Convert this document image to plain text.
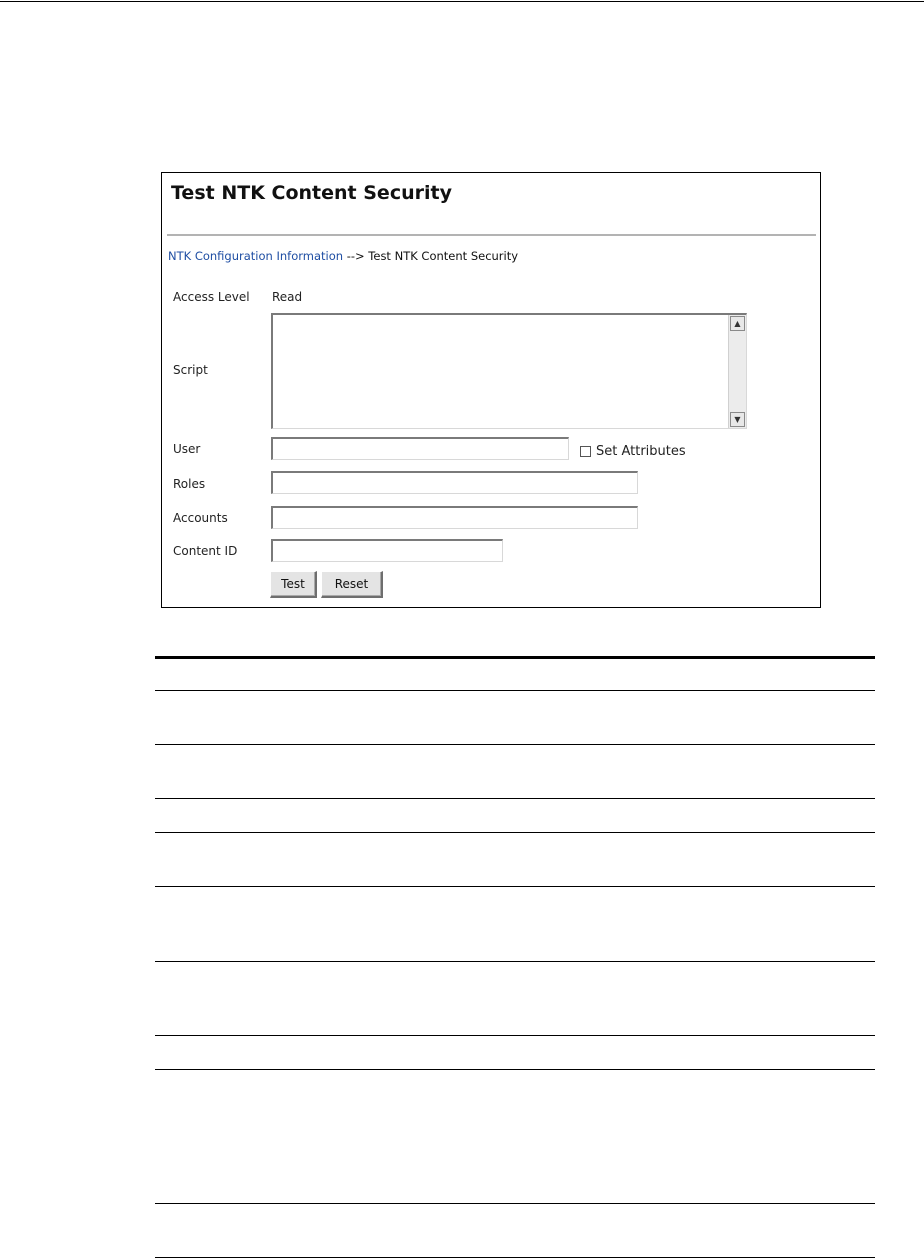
Test NTK Content Security
NTK Configuration Information --> Test NTK Content Security
Access Level Read
Script
▲
▼
User	Set Attributes
Roles
Accounts
Content ID
Test	Reset
